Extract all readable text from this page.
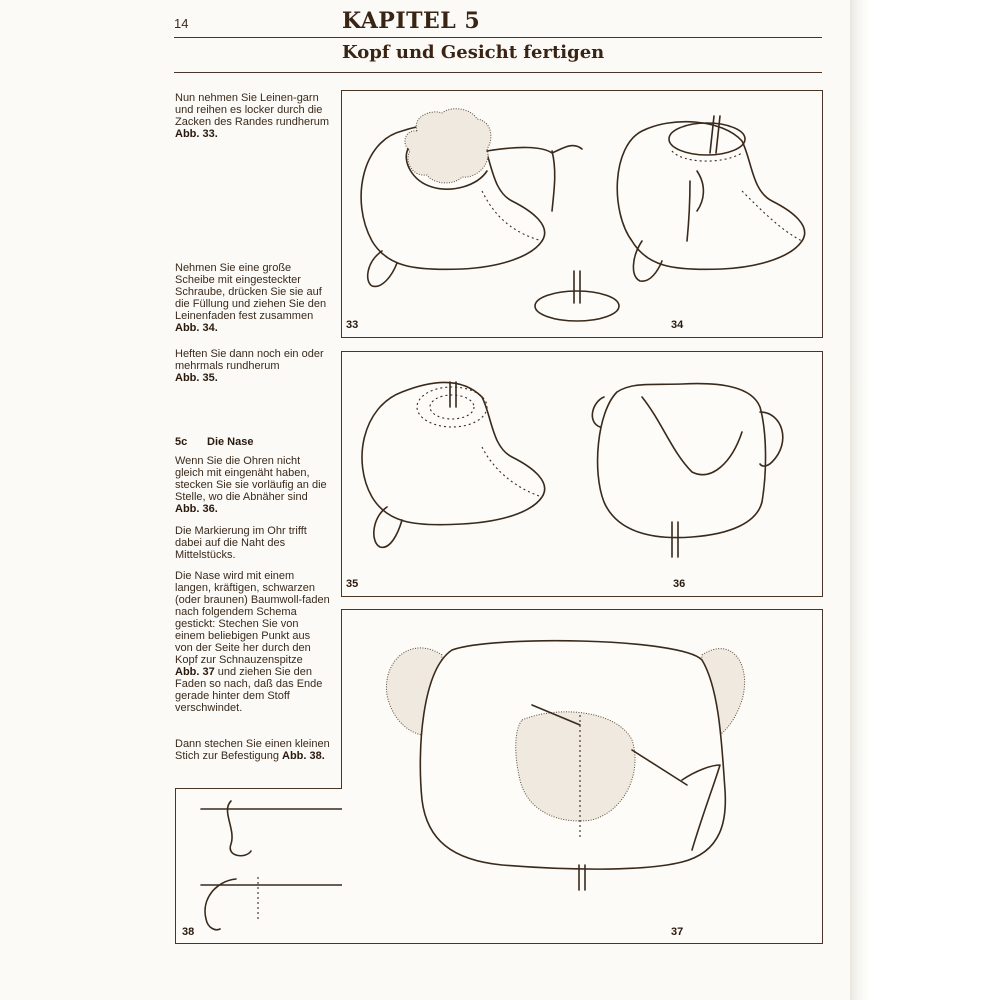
14	KAPITEL 5
Kopf und Gesicht fertigen

Nun nehmen Sie Leinen-garn und reihen es locker durch die Zacken des Randes rundherum
Abb. 33.

Nehmen Sie eine große Scheibe mit eingesteckter Schraube, drücken Sie sie auf die Füllung und ziehen Sie den Leinenfaden fest zusammen Abb. 34.

Heften Sie dann noch ein oder mehrmals rundherum
Abb. 35.

5c Die Nase

Wenn Sie die Ohren nicht gleich mit eingenäht haben, stecken Sie sie vorläufig an die Stelle, wo die Abnäher sind Abb. 36.

Die Markierung im Ohr trifft dabei auf die Naht des Mittelstücks.

Die Nase wird mit einem langen, kräftigen, schwarzen (oder braunen) Baumwoll-faden nach folgendem Schema gestickt: Stechen Sie von einem beliebigen Punkt aus von der Seite her durch den Kopf zur Schnauzenspitze Abb. 37 und ziehen Sie den Faden so nach, daß das Ende gerade hinter dem Stoff verschwindet.

Dann stechen Sie einen kleinen Stich zur Befestigung Abb. 38.

33	34
35	36
37
38
